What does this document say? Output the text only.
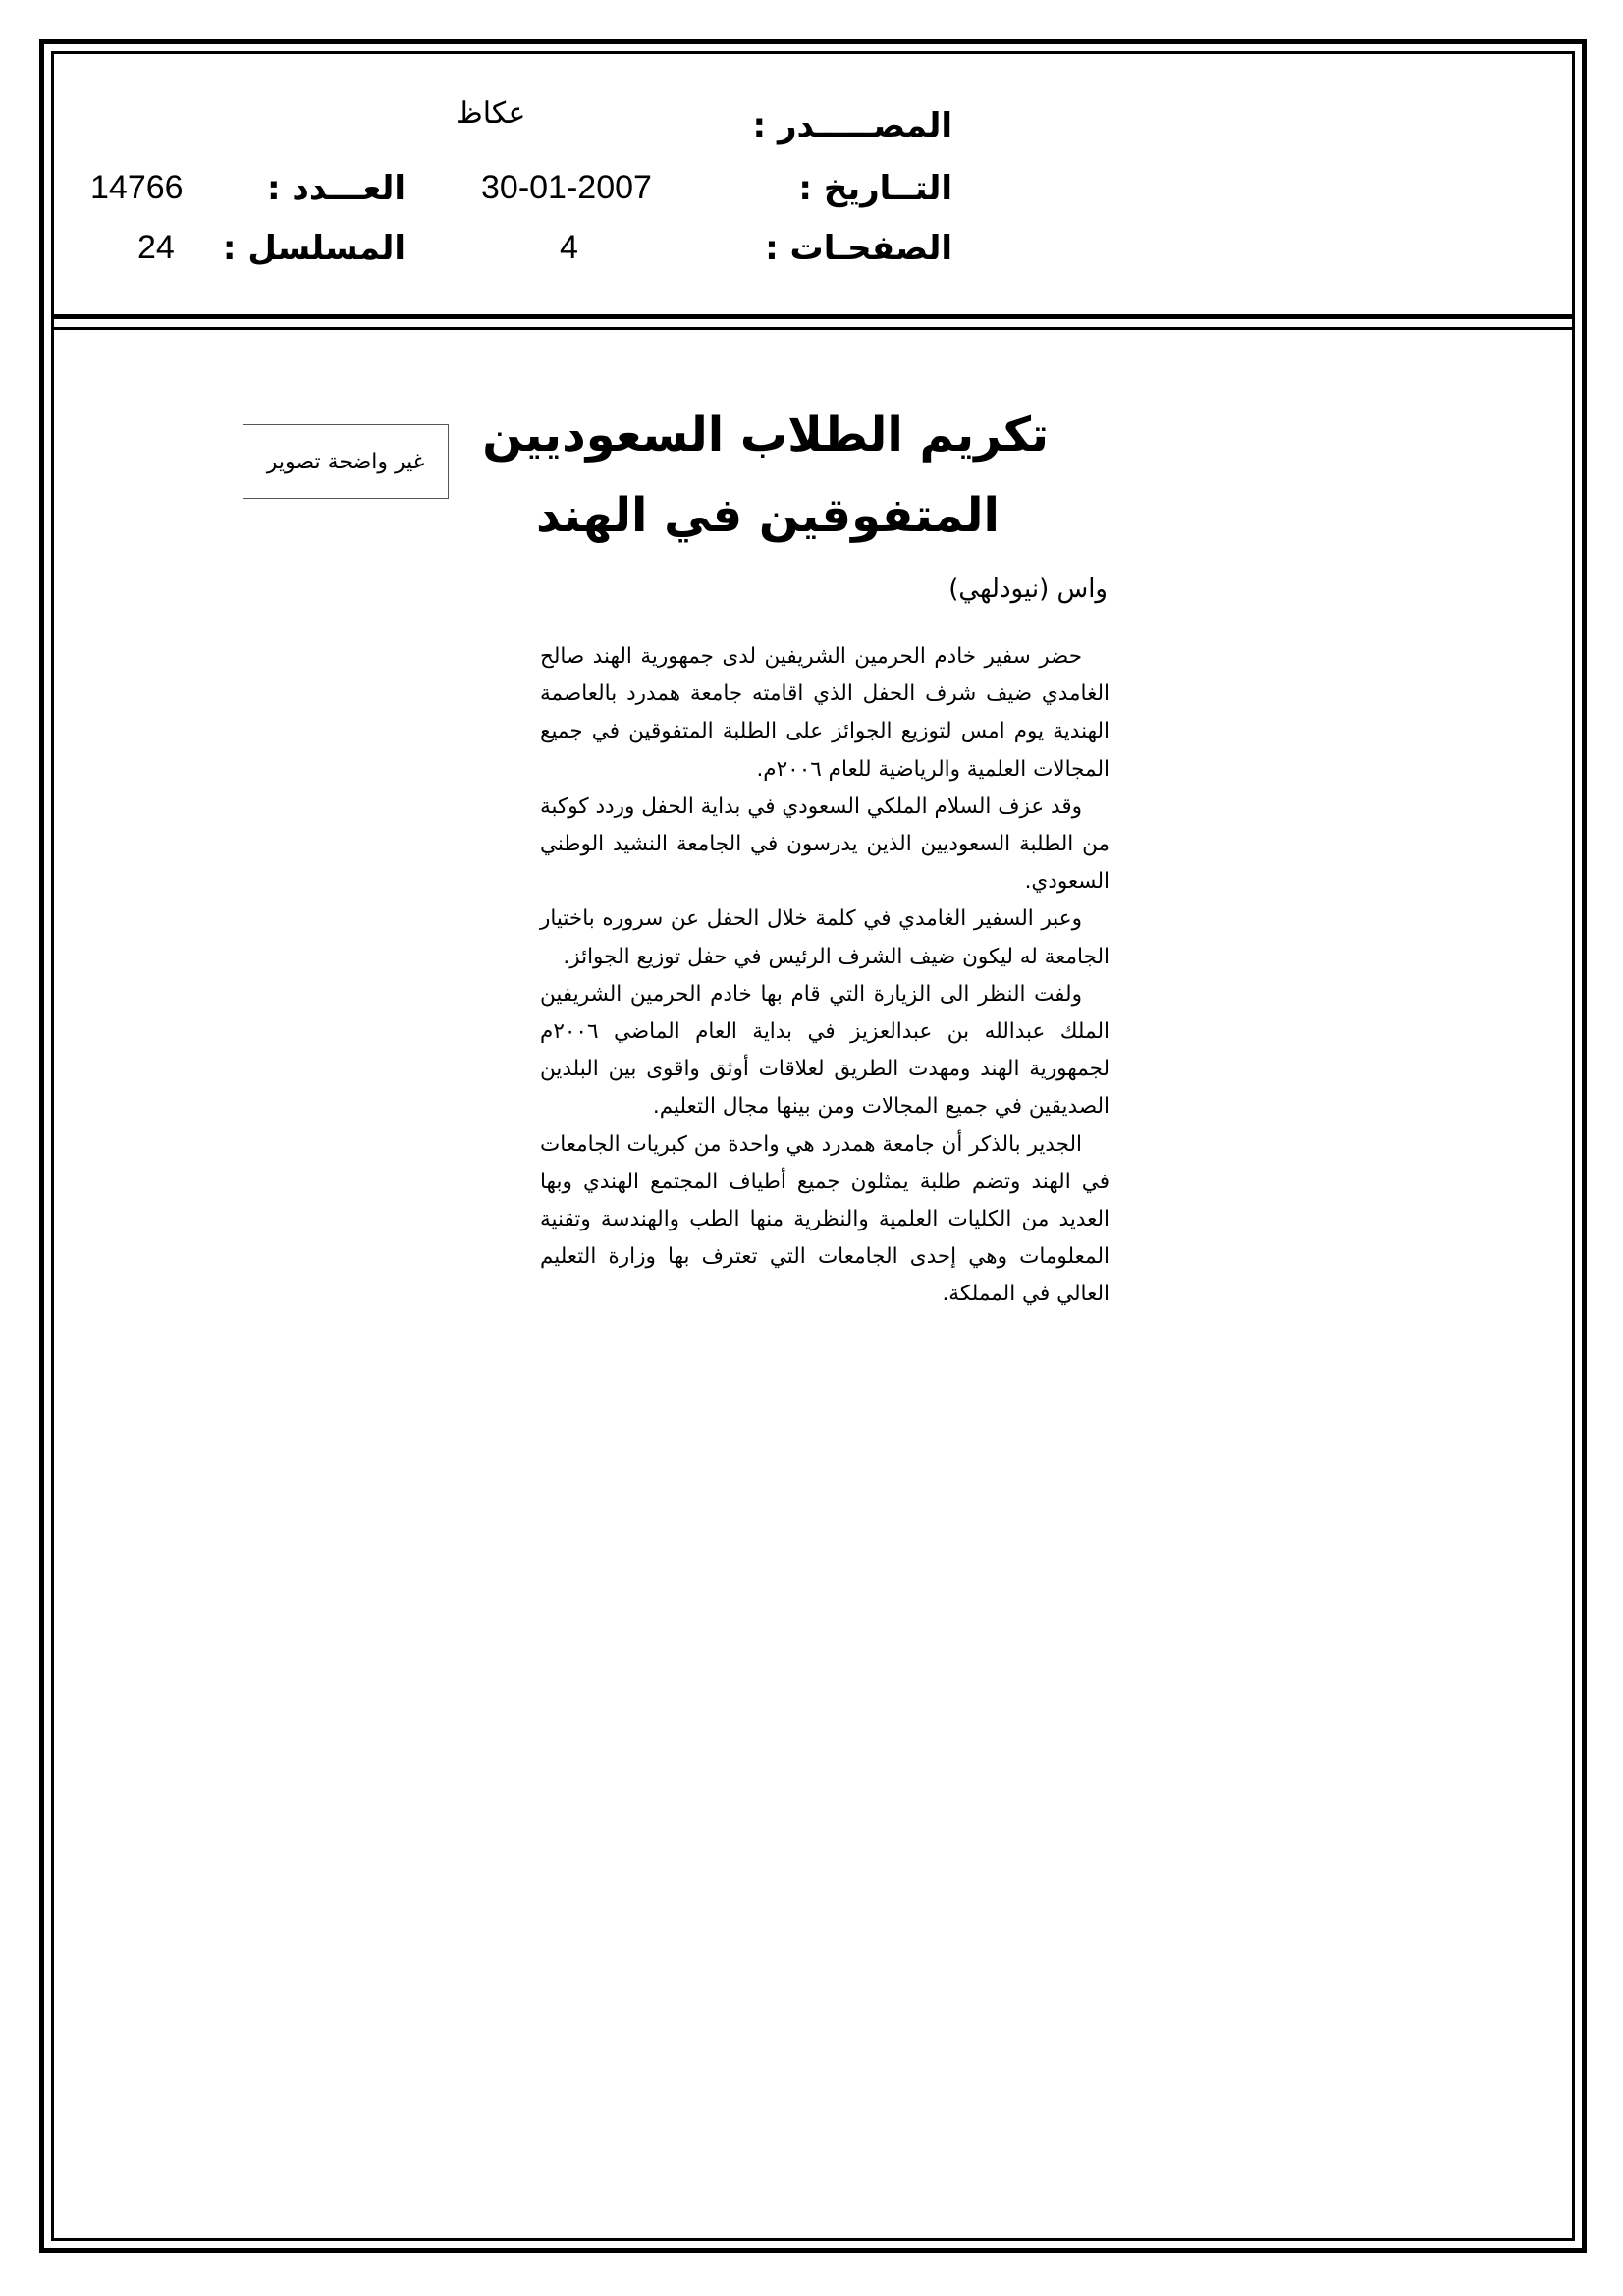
المصـــــدر :
عكاظ
التــاريخ :
30-01-2007
العـــدد :
14766
الصفحـات :
4
المسلسل :
24
غير واضحة تصوير	تكريم الطلاب السعوديين
المتفوقين في الهند
واس (نيودلهي)

حضر سفير خادم الحرمين الشريفين لدى جمهورية الهند صالح الغامدي ضيف شرف الحفل الذي اقامته جامعة همدرد بالعاصمة الهندية يوم امس لتوزيع الجوائز على الطلبة المتفوقين في جميع المجالات العلمية والرياضية للعام ٢٠٠٦م.

وقد عزف السلام الملكي السعودي في بداية الحفل وردد كوكبة من الطلبة السعوديين الذين يدرسون في الجامعة النشيد الوطني السعودي.

وعبر السفير الغامدي في كلمة خلال الحفل عن سروره باختيار الجامعة له ليكون ضيف الشرف الرئيس في حفل توزيع الجوائز.

ولفت النظر الى الزيارة التي قام بها خادم الحرمين الشريفين الملك عبدالله بن عبدالعزيز في بداية العام الماضي ٢٠٠٦م لجمهورية الهند ومهدت الطريق لعلاقات أوثق واقوى بين البلدين الصديقين في جميع المجالات ومن بينها مجال التعليم.

الجدير بالذكر أن جامعة همدرد هي واحدة من كبريات الجامعات في الهند وتضم طلبة يمثلون جميع أطياف المجتمع الهندي وبها العديد من الكليات العلمية والنظرية منها الطب والهندسة وتقنية المعلومات وهي إحدى الجامعات التي تعترف بها وزارة التعليم العالي في المملكة.
